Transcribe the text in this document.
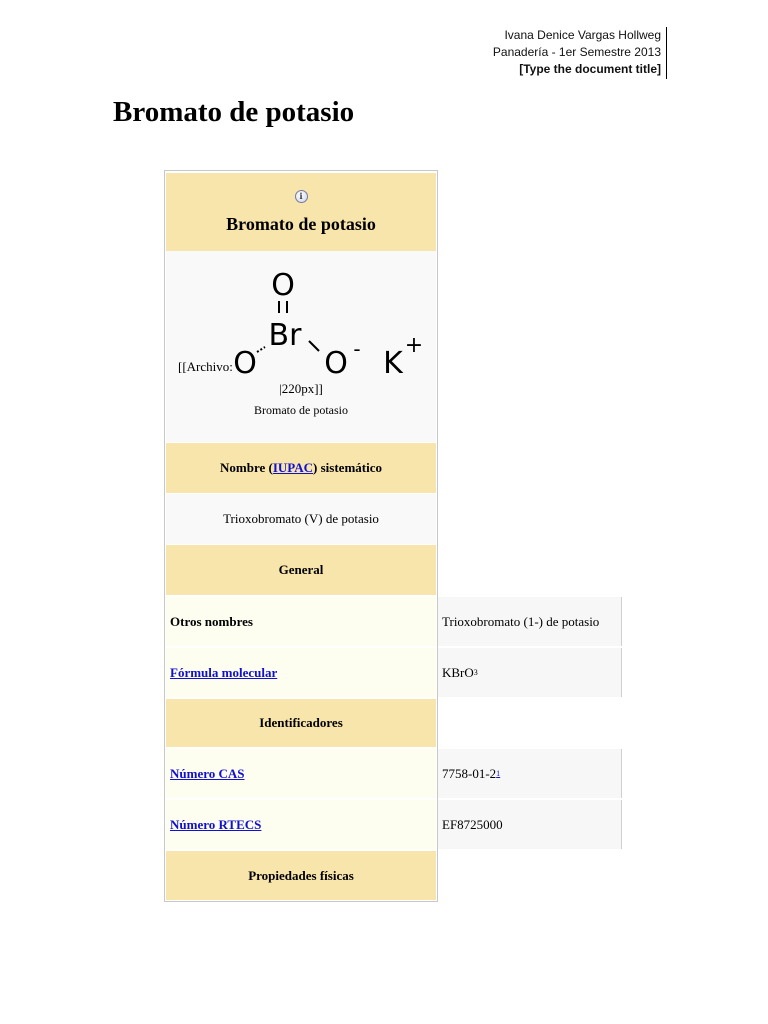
Ivana Denice Vargas Hollweg
Panadería - 1er Semestre 2013
[Type the document title]
Bromato de potasio
i
Bromato de potasio
[[Archivo:
O
Br
O O - K
+
|220px]]
Bromato de potasio
Nombre ( IUPAC ) sistemático
Trioxobromato (V) de potasio
General
Otros nombres	Trioxobromato (1-) de potasio
Fórmula molecular	KBrO 3
Identificadores
Número CAS	7758-01-2 1
Número RTECS	EF8725000
Propiedades físicas
